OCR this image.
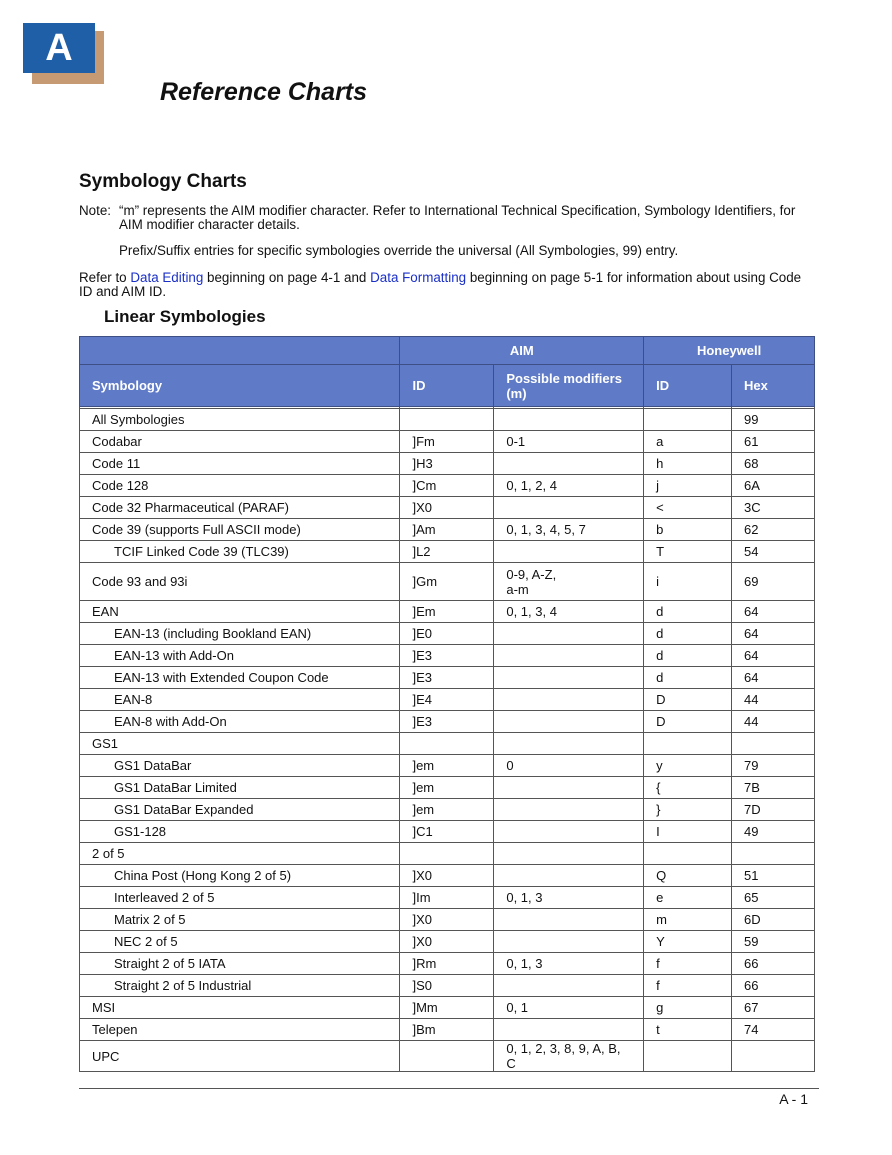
A
Reference Charts
Symbology Charts
Note: “m” represents the AIM modifier character. Refer to International Technical Specification, Symbology Identifiers, for AIM modifier character details.
Prefix/Suffix entries for specific symbologies override the universal (All Symbologies, 99) entry.
Refer to Data Editing beginning on page 4-1 and Data Formatting beginning on page 5-1 for information about using Code ID and AIM ID.
Linear Symbologies
	AIM		Honeywell	
Symbology	ID	Possible modifiers (m)	ID	Hex

All Symbologies				99
Codabar	]Fm	0-1	a	61
Code 11	]H3		h	68
Code 128	]Cm	0, 1, 2, 4	j	6A
Code 32 Pharmaceutical (PARAF)	]X0		<	3C
Code 39 (supports Full ASCII mode)	]Am	0, 1, 3, 4, 5, 7	b	62
TCIF Linked Code 39 (TLC39)	]L2		T	54
Code 93 and 93i	]Gm	0-9, A-Z,
a-m	i	69
EAN	]Em	0, 1, 3, 4	d	64
EAN-13 (including Bookland EAN)	]E0		d	64
EAN-13 with Add-On	]E3		d	64
EAN-13 with Extended Coupon Code	]E3		d	64
EAN-8	]E4		D	44
EAN-8 with Add-On	]E3		D	44
GS1				
GS1 DataBar	]em	0	y	79
GS1 DataBar Limited	]em		{	7B
GS1 DataBar Expanded	]em		}	7D
GS1-128	]C1		I	49
2 of 5				
China Post (Hong Kong 2 of 5)	]X0		Q	51
Interleaved 2 of 5	]Im	0, 1, 3	e	65
Matrix 2 of 5	]X0		m	6D
NEC 2 of 5	]X0		Y	59
Straight 2 of 5 IATA	]Rm	0, 1, 3	f	66
Straight 2 of 5 Industrial	]S0		f	66
MSI	]Mm	0, 1	g	67
Telepen	]Bm		t	74
UPC		0, 1, 2, 3, 8, 9, A, B, C		
A - 1
